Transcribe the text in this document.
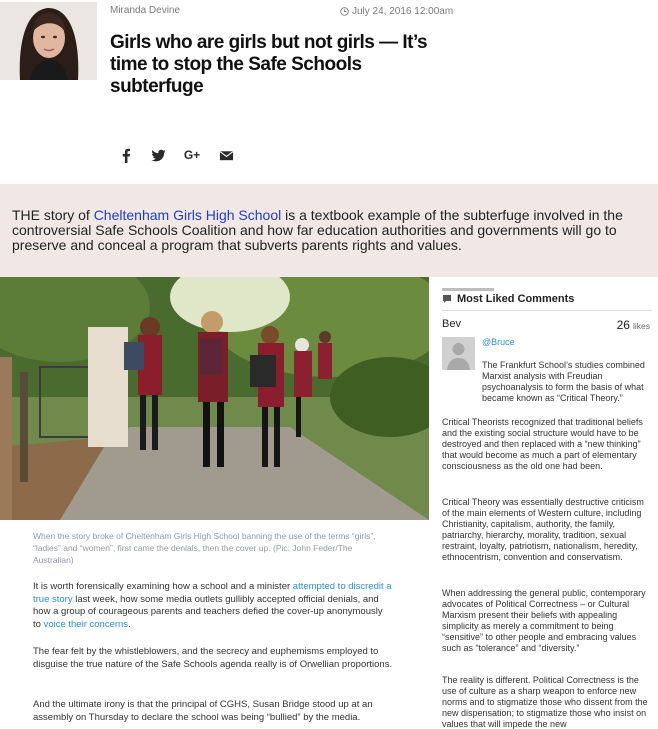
Miranda Devine	July 24, 2016 12:00am
Girls who are girls but not girls — It’s time to stop the Safe Schools subterfuge
G+
THE story of Cheltenham Girls High School is a textbook example of the subterfuge involved in the controversial Safe Schools Coalition and how far education authorities and governments will go to preserve and conceal a program that subverts parents rights and values.

When the story broke of Cheltenham Girls High School banning the use of the terms “girls”, “ladies” and “women”, first came the denials, then the cover up. (Pic: John Feder/The Australian)

It is worth forensically examining how a school and a minister attempted to discredit a true story last week, how some media outlets gullibly accepted official denials, and how a group of courageous parents and teachers defied the cover-up anonymously to voice their concerns.

The fear felt by the whistleblowers, and the secrecy and euphemisms employed to disguise the true nature of the Safe Schools agenda really is of Orwellian proportions.

And the ultimate irony is that the principal of CGHS, Susan Bridge stood up at an assembly on Thursday to declare the school was being “bullied” by the media.

Most Liked Comments
Bev	26 likes
@Bruce

The Frankfurt School’s studies combined Marxist analysis with Freudian psychoanalysis to form the basis of what became known as “Critical Theory.”

Critical Theorists recognized that traditional beliefs and the existing social structure would have to be destroyed and then replaced with a “new thinking” that would become as much a part of elementary consciousness as the old one had been.

Critical Theory was essentially destructive criticism of the main elements of Western culture, including Christianity, capitalism, authority, the family, patriarchy, hierarchy, morality, tradition, sexual restraint, loyalty, patriotism, nationalism, heredity, ethnocentrism, convention and conservatism.

When addressing the general public, contemporary advocates of Political Correctness – or Cultural Marxism present their beliefs with appealing simplicity as merely a commitment to being “sensitive” to other people and embracing values such as “tolerance” and “diversity.”

The reality is different. Political Correctness is the use of culture as a sharp weapon to enforce new norms and to stigmatize those who dissent from the new dispensation; to stigmatize those who insist on values that will impede the new
